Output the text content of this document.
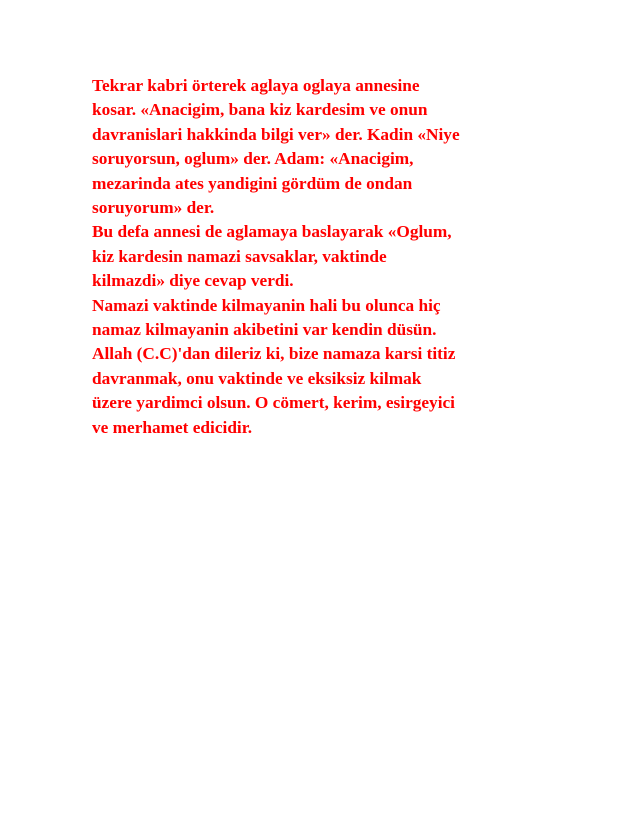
Tekrar kabri örterek aglaya oglaya annesine
kosar. «Anacigim, bana kiz kardesim ve onun
davranislari hakkinda bilgi ver» der. Kadin «Niye
soruyorsun, oglum» der. Adam: «Anacigim,
mezarinda ates yandigini gördüm de ondan
soruyorum» der.
Bu defa annesi de aglamaya baslayarak «Oglum,
kiz kardesin namazi savsaklar, vaktinde
kilmazdi» diye cevap verdi.
Namazi vaktinde kilmayanin hali bu olunca hiç
namaz kilmayanin akibetini var kendin düsün.
Allah (C.C)'dan dileriz ki, bize namaza karsi titiz
davranmak, onu vaktinde ve eksiksiz kilmak
üzere yardimci olsun. O cömert, kerim, esirgeyici
ve merhamet edicidir.
